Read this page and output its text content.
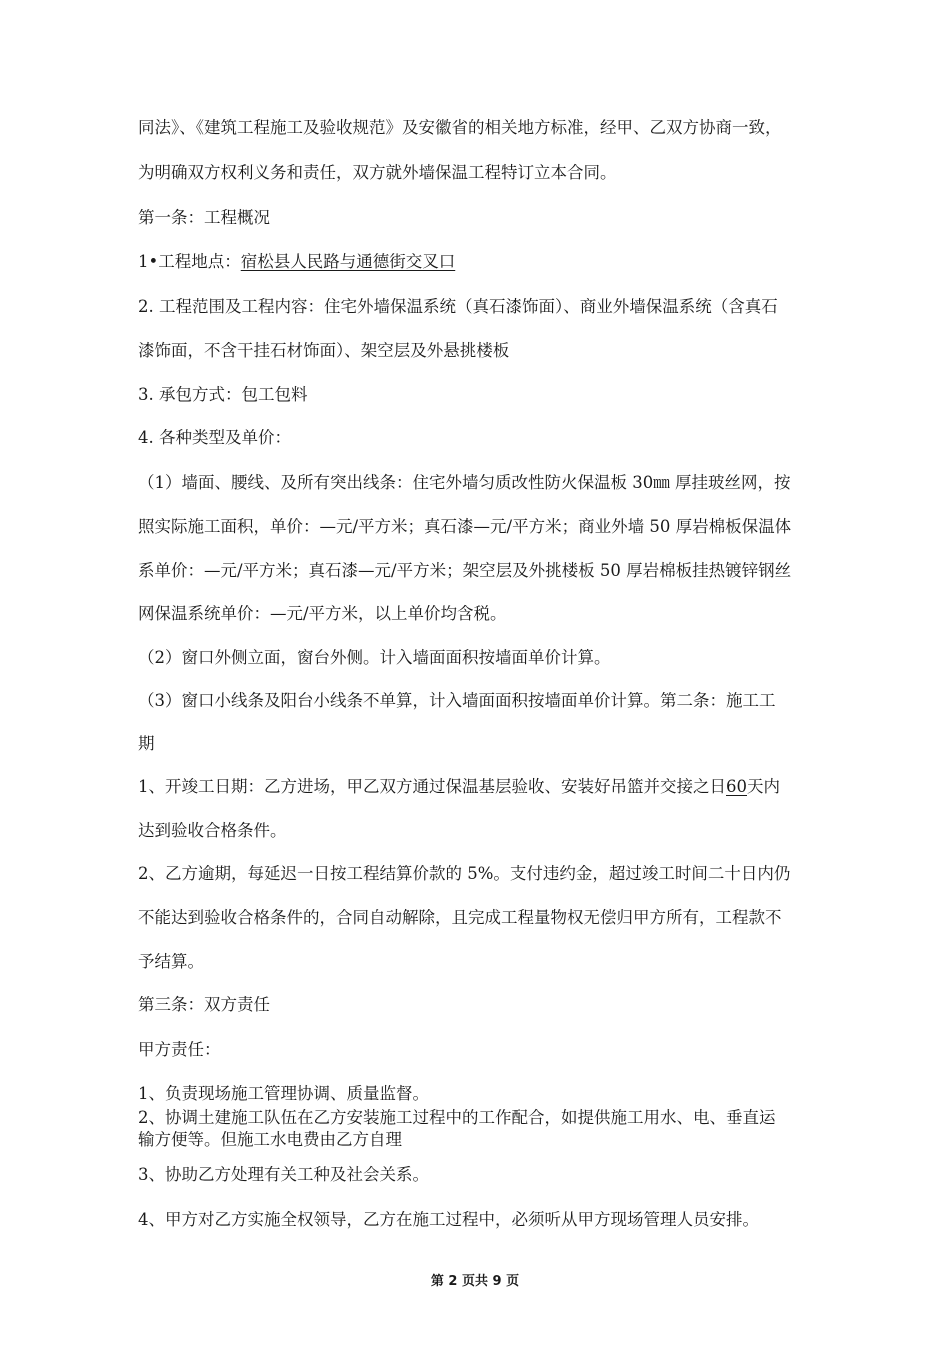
同法》、《建筑工程施工及验收规范》及安徽省的相关地方标准，经甲、乙双方协商一致，
为明确双方权利义务和责任，双方就外墙保温工程特订立本合同。
第一条：工程概况
1•工程地点：宿松县人民路与通德街交叉口
2. 工程范围及工程内容：住宅外墙保温系统（真石漆饰面）、商业外墙保温系统（含真石
漆饰面，不含干挂石材饰面）、架空层及外悬挑楼板
3. 承包方式：包工包料
4. 各种类型及单价：
（1）墙面、腰线、及所有突出线条：住宅外墙匀质改性防火保温板 30㎜ 厚挂玻丝网，按
照实际施工面积，单价：—元/平方米；真石漆—元/平方米；商业外墙 50 厚岩棉板保温体
系单价：—元/平方米；真石漆—元/平方米；架空层及外挑楼板 50 厚岩棉板挂热镀锌钢丝
网保温系统单价：—元/平方米，以上单价均含税。
（2）窗口外侧立面，窗台外侧。计入墙面面积按墙面单价计算。
（3）窗口小线条及阳台小线条不单算，计入墙面面积按墙面单价计算。第二条：施工工
期
1、开竣工日期：乙方进场，甲乙双方通过保温基层验收、安装好吊篮并交接之日60天内
达到验收合格条件。
2、乙方逾期，每延迟一日按工程结算价款的 5%。支付违约金，超过竣工时间二十日内仍
不能达到验收合格条件的，合同自动解除，且完成工程量物权无偿归甲方所有，工程款不
予结算。
第三条：双方责任
甲方责任：
1、负责现场施工管理协调、质量监督。
2、协调土建施工队伍在乙方安装施工过程中的工作配合，如提供施工用水、电、垂直运
输方便等。但施工水电费由乙方自理
3、协助乙方处理有关工种及社会关系。
4、甲方对乙方实施全权领导，乙方在施工过程中，必须听从甲方现场管理人员安排。
第 2 页共 9 页
